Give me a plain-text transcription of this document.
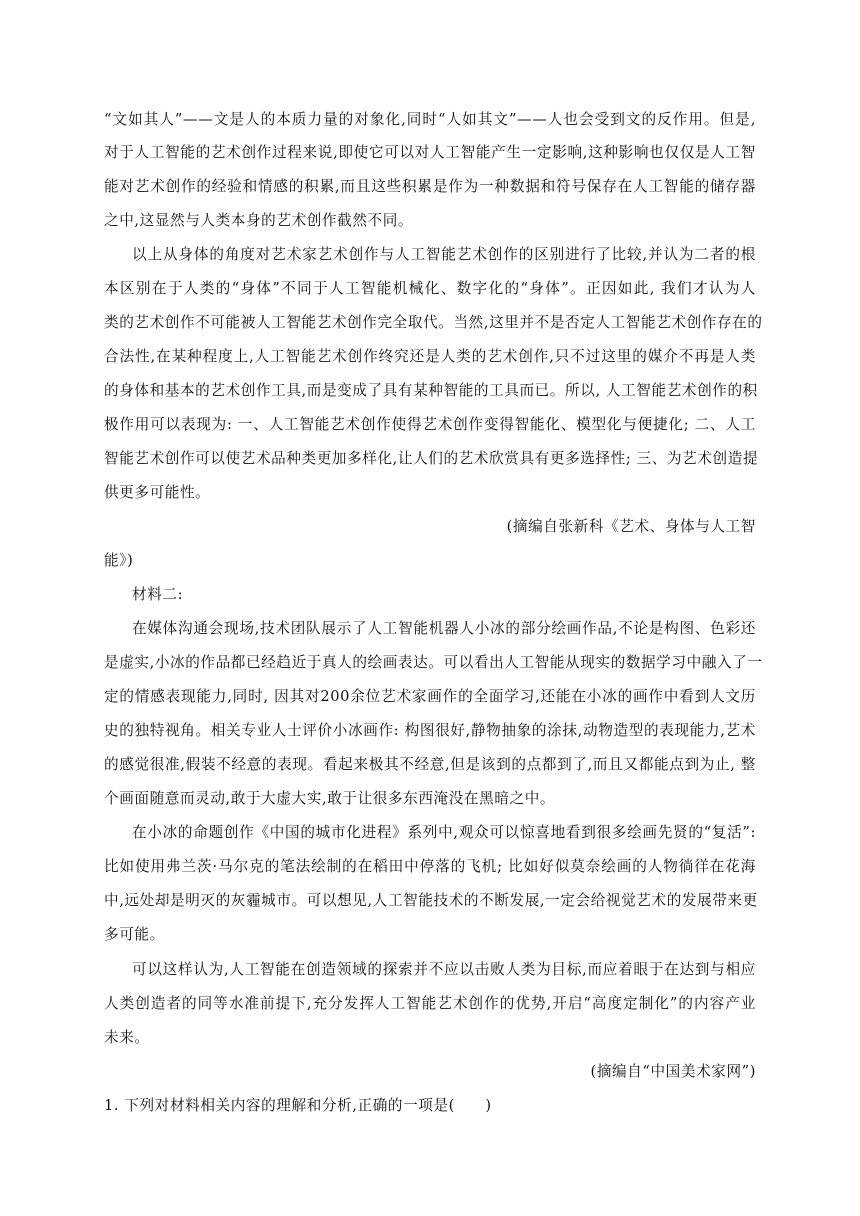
“文如其人”——文是人的本质力量的对象化,同时“人如其文”——人也会受到文的反作用。但是,
对于人工智能的艺术创作过程来说,即使它可以对人工智能产生一定影响,这种影响也仅仅是人工智
能对艺术创作的经验和情感的积累,而且这些积累是作为一种数据和符号保存在人工智能的储存器
之中,这显然与人类本身的艺术创作截然不同。
以上从身体的角度对艺术家艺术创作与人工智能艺术创作的区别进行了比较,并认为二者的根
本区别在于人类的“身体”不同于人工智能机械化、数字化的“身体”。正因如此, 我们才认为人
类的艺术创作不可能被人工智能艺术创作完全取代。当然,这里并不是否定人工智能艺术创作存在的
合法性,在某种程度上,人工智能艺术创作终究还是人类的艺术创作,只不过这里的媒介不再是人类
的身体和基本的艺术创作工具,而是变成了具有某种智能的工具而已。所以, 人工智能艺术创作的积
极作用可以表现为: 一、人工智能艺术创作使得艺术创作变得智能化、模型化与便捷化; 二、人工
智能艺术创作可以使艺术品种类更加多样化,让人们的艺术欣赏具有更多选择性; 三、为艺术创造提
供更多可能性。
(摘编自张新科《艺术、身体与人工智
能》)
材料二:
在媒体沟通会现场,技术团队展示了人工智能机器人小冰的部分绘画作品,不论是构图、色彩还
是虚实,小冰的作品都已经趋近于真人的绘画表达。可以看出人工智能从现实的数据学习中融入了一
定的情感表现能力,同时, 因其对200余位艺术家画作的全面学习,还能在小冰的画作中看到人文历
史的独特视角。相关专业人士评价小冰画作: 构图很好,静物抽象的涂抹,动物造型的表现能力,艺术
的感觉很准,假装不经意的表现。看起来极其不经意,但是该到的点都到了,而且又都能点到为止, 整
个画面随意而灵动,敢于大虚大实,敢于让很多东西淹没在黑暗之中。
在小冰的命题创作《中国的城市化进程》系列中,观众可以惊喜地看到很多绘画先贤的“复活”:
比如使用弗兰茨·马尔克的笔法绘制的在稻田中停落的飞机; 比如好似莫奈绘画的人物徜徉在花海
中,远处却是明灭的灰霾城市。可以想见,人工智能技术的不断发展,一定会给视觉艺术的发展带来更
多可能。
可以这样认为,人工智能在创造领域的探索并不应以击败人类为目标,而应着眼于在达到与相应
人类创造者的同等水准前提下,充分发挥人工智能艺术创作的优势,开启“高度定制化”的内容产业
未来。
(摘编自“中国美术家网”)
1. 下列对材料相关内容的理解和分析,正确的一项是(　　)
